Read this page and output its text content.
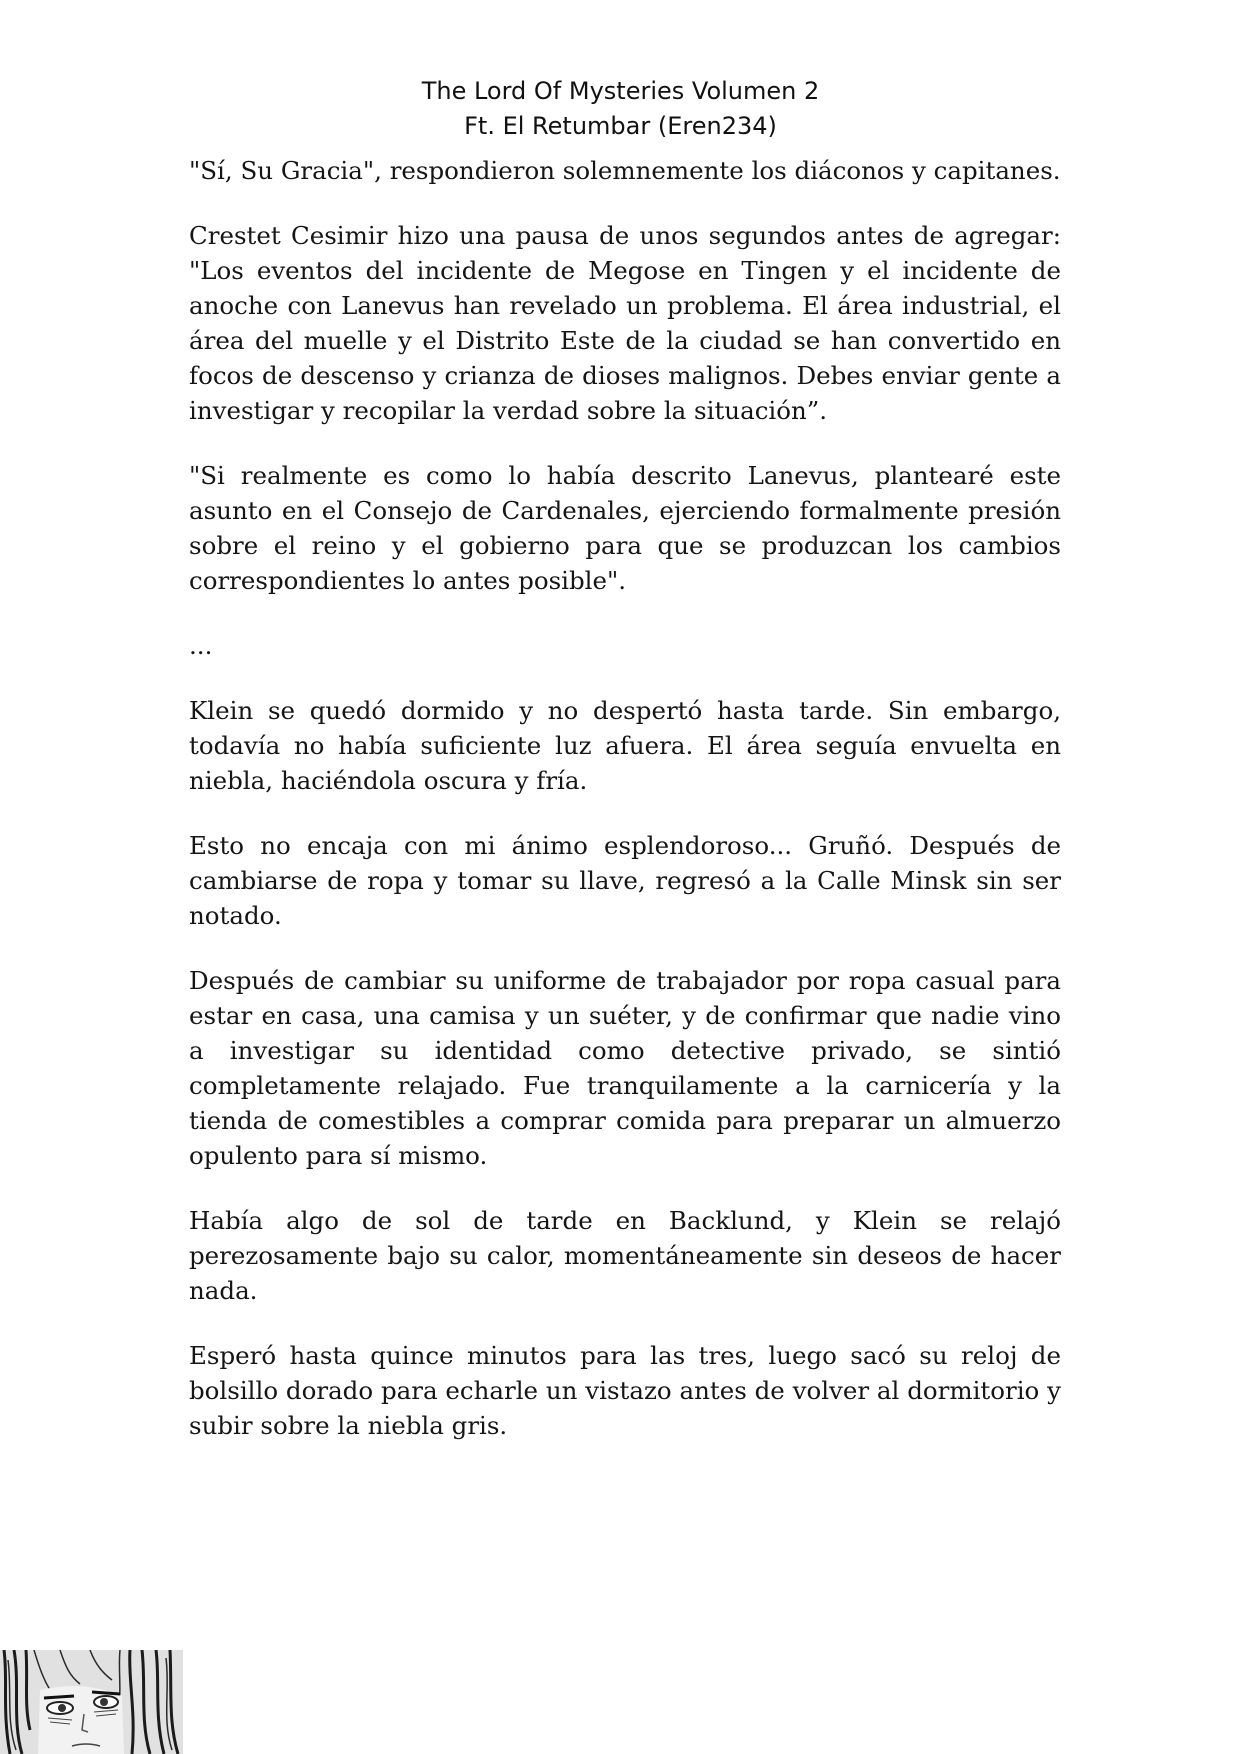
The Lord Of Mysteries Volumen 2
Ft. El Retumbar (Eren234)

"Sí, Su Gracia", respondieron solemnemente los diáconos y capitanes.

Crestet Cesimir hizo una pausa de unos segundos antes de agregar: "Los eventos del incidente de Megose en Tingen y el incidente de anoche con Lanevus han revelado un problema. El área industrial, el área del muelle y el Distrito Este de la ciudad se han convertido en focos de descenso y crianza de dioses malignos. Debes enviar gente a investigar y recopilar la verdad sobre la situación”.

"Si realmente es como lo había descrito Lanevus, plantearé este asunto en el Consejo de Cardenales, ejerciendo formalmente presión sobre el reino y el gobierno para que se produzcan los cambios correspondientes lo antes posible".

...

Klein se quedó dormido y no despertó hasta tarde. Sin embargo, todavía no había suficiente luz afuera. El área seguía envuelta en niebla, haciéndola oscura y fría.

Esto no encaja con mi ánimo esplendoroso... Gruñó. Después de cambiarse de ropa y tomar su llave, regresó a la Calle Minsk sin ser notado.

Después de cambiar su uniforme de trabajador por ropa casual para estar en casa, una camisa y un suéter, y de confirmar que nadie vino a investigar su identidad como detective privado, se sintió completamente relajado. Fue tranquilamente a la carnicería y la tienda de comestibles a comprar comida para preparar un almuerzo opulento para sí mismo.

Había algo de sol de tarde en Backlund, y Klein se relajó perezosamente bajo su calor, momentáneamente sin deseos de hacer nada.

Esperó hasta quince minutos para las tres, luego sacó su reloj de bolsillo dorado para echarle un vistazo antes de volver al dormitorio y subir sobre la niebla gris.
